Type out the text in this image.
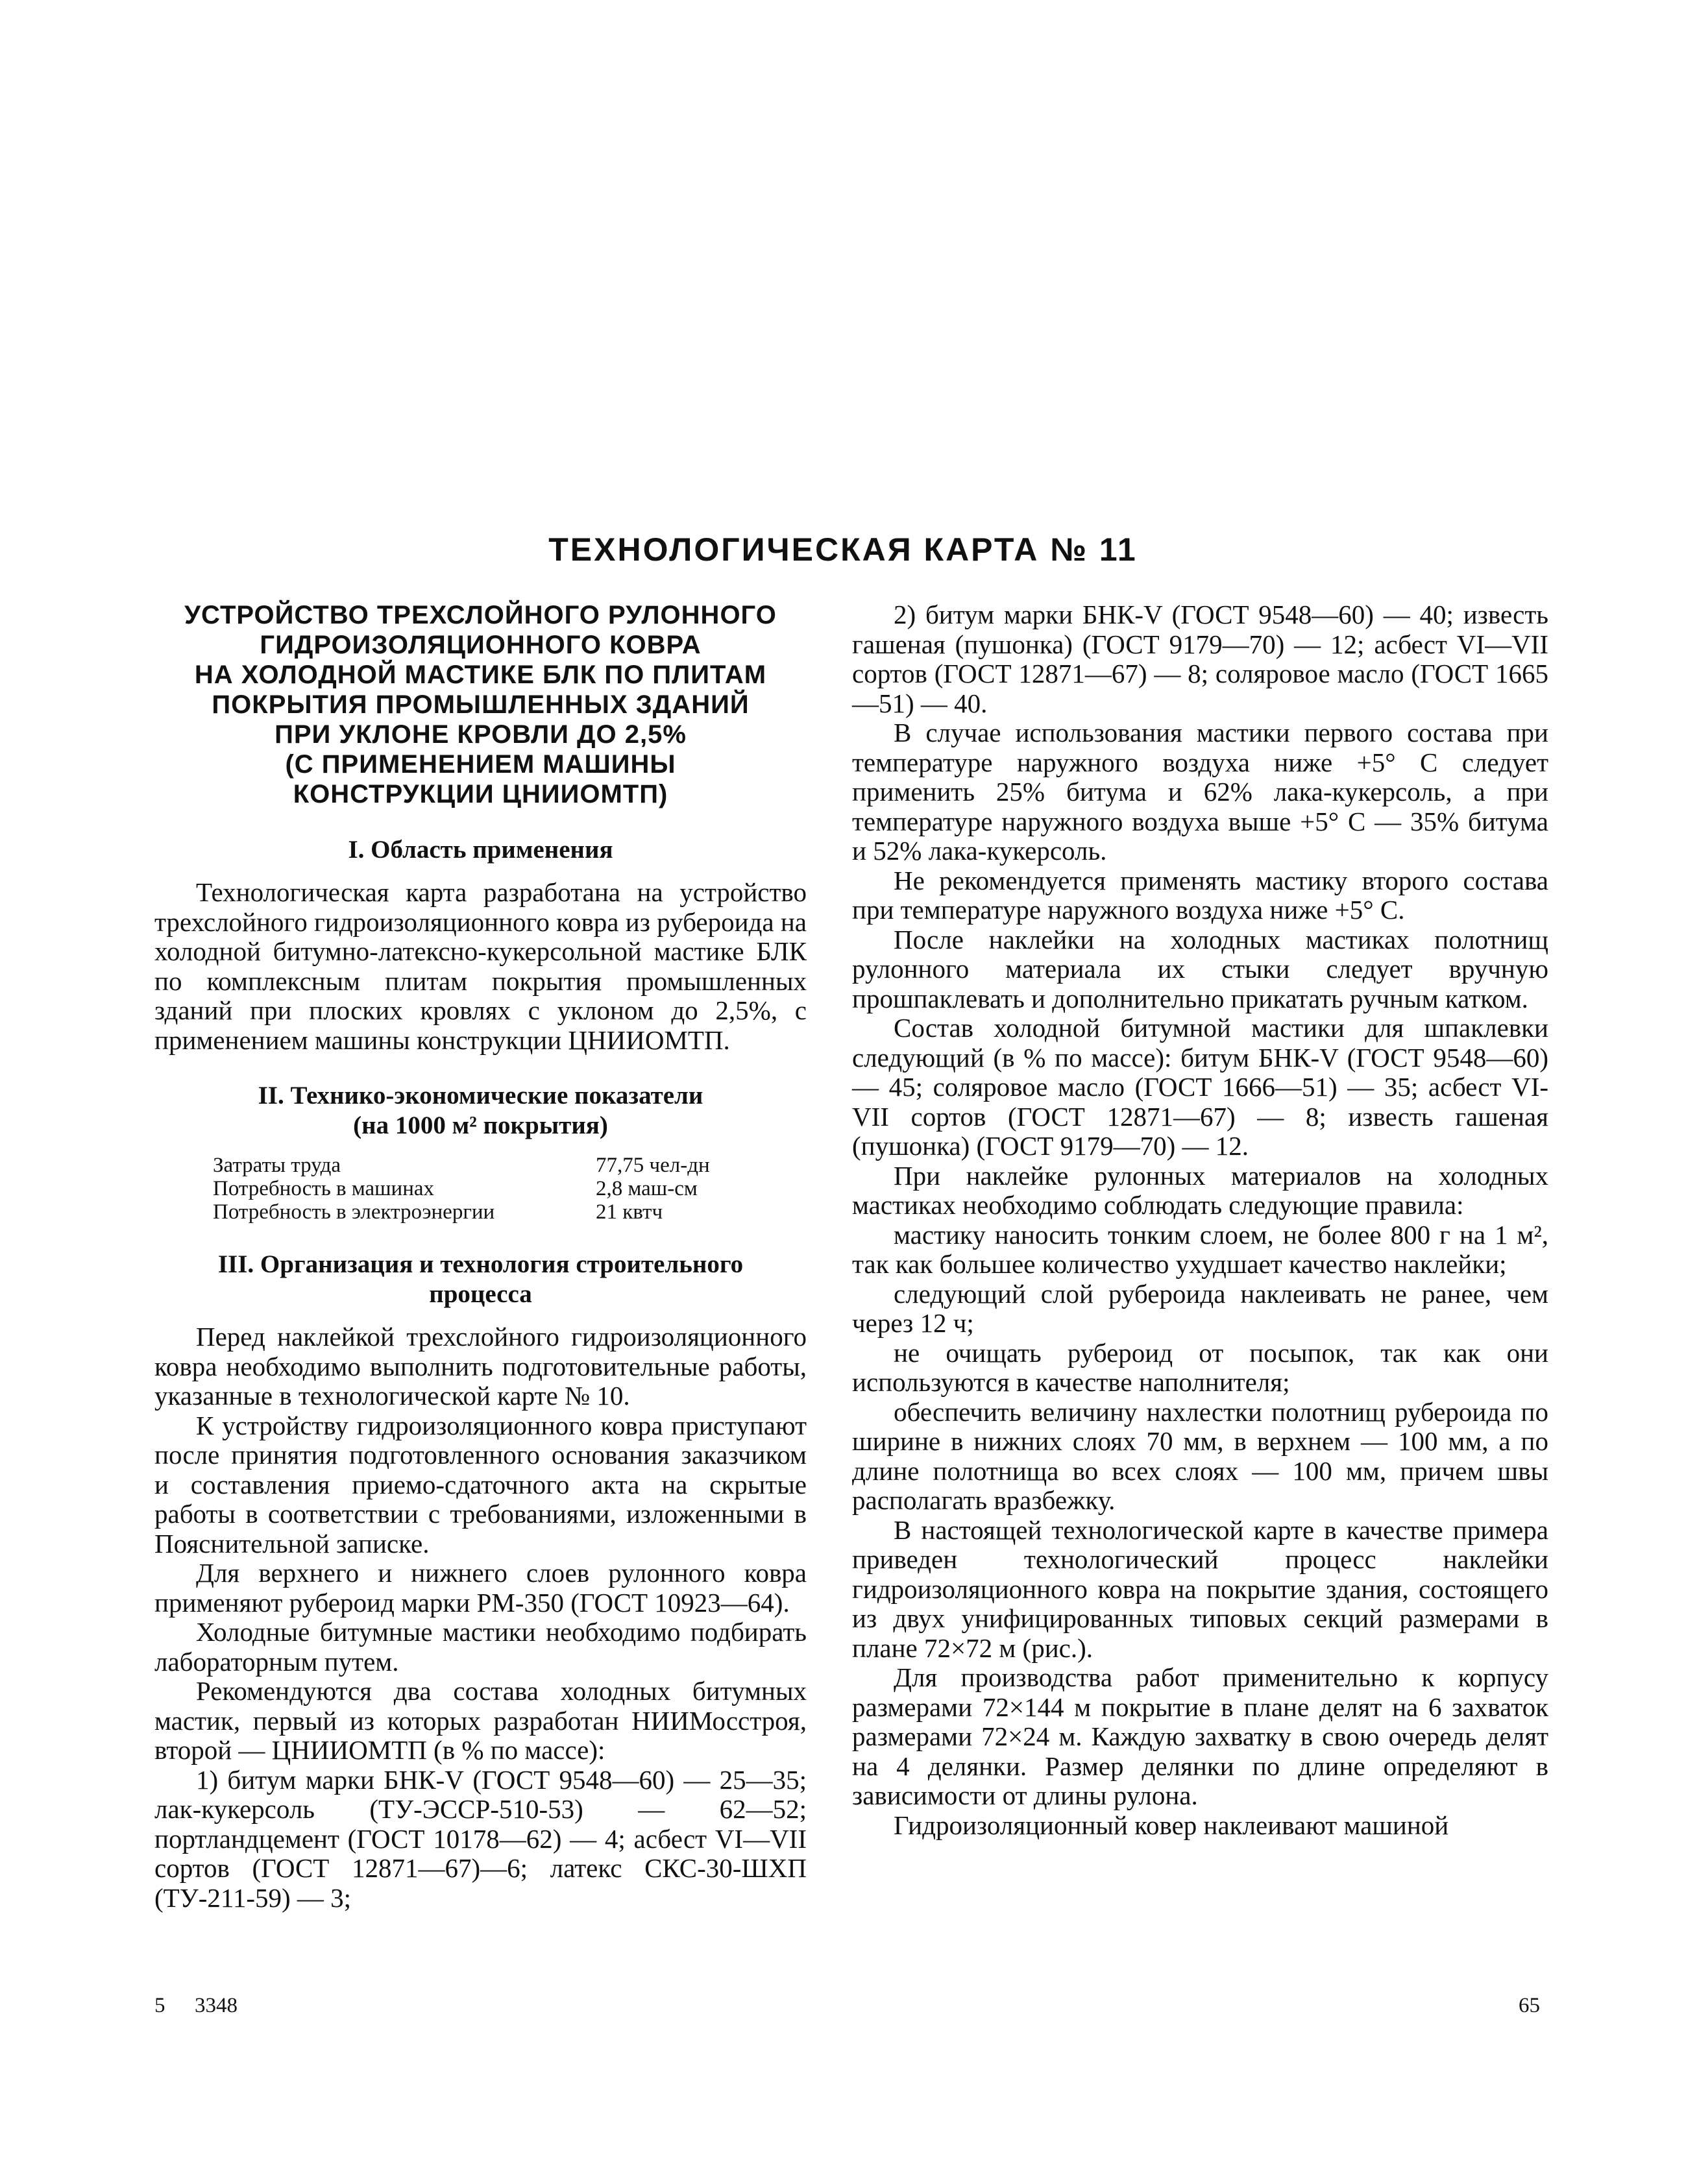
ТЕХНОЛОГИЧЕСКАЯ КАРТА № 11
УСТРОЙСТВО ТРЕХСЛОЙНОГО РУЛОННОГО
ГИДРОИЗОЛЯЦИОННОГО КОВРА
НА ХОЛОДНОЙ МАСТИКЕ БЛК ПО ПЛИТАМ
ПОКРЫТИЯ ПРОМЫШЛЕННЫХ ЗДАНИЙ
ПРИ УКЛОНЕ КРОВЛИ ДО 2,5%
(С ПРИМЕНЕНИЕМ МАШИНЫ
КОНСТРУКЦИИ ЦНИИОМТП)
I. Область применения

Технологическая карта разработана на устройство трехслойного гидроизоляционного ковра из рубероида на холодной битумно-латексно-кукерсольной мастике БЛК по комплексным плитам покрытия промышленных зданий при плоских кровлях с уклоном до 2,5%, с применением машины конструкции ЦНИИОМТП.

II. Технико-экономические показатели
(на 1000 м² покрытия)
Затраты труда	77,75 чел-дн
Потребность в машинах	2,8 маш-см
Потребность в электроэнергии	21 квтч
III. Организация и технология строительного
процесса

Перед наклейкой трехслойного гидроизоляционного ковра необходимо выполнить подготовительные работы, указанные в технологической карте № 10.

К устройству гидроизоляционного ковра приступают после принятия подготовленного основания заказчиком и составления приемо-сдаточного акта на скрытые работы в соответствии с требованиями, изложенными в Пояснительной записке.

Для верхнего и нижнего слоев рулонного ковра применяют рубероид марки РМ-350 (ГОСТ 10923—64).

Холодные битумные мастики необходимо подбирать лабораторным путем.

Рекомендуются два состава холодных битумных мастик, первый из которых разработан НИИМосстроя, второй — ЦНИИОМТП (в % по массе):

1) битум марки БНК-V (ГОСТ 9548—60) — 25—35; лак-кукерсоль (ТУ-ЭССР-510-53) — 62—52; портландцемент (ГОСТ 10178—62) — 4; асбест VI—VII сортов (ГОСТ 12871—67)—6; латекс СКС-30-ШХП (ТУ-211-59) — 3;

2) битум марки БНК-V (ГОСТ 9548—60) — 40; известь гашеная (пушонка) (ГОСТ 9179—70) — 12; асбест VI—VII сортов (ГОСТ 12871—67) — 8; соляровое масло (ГОСТ 1665—51) — 40.

В случае использования мастики первого состава при температуре наружного воздуха ниже +5° С следует применить 25% битума и 62% лака-кукерсоль, а при температуре наружного воздуха выше +5° С — 35% битума и 52% лака-кукерсоль.

Не рекомендуется применять мастику второго состава при температуре наружного воздуха ниже +5° С.

После наклейки на холодных мастиках полотнищ рулонного материала их стыки следует вручную прошпаклевать и дополнительно прикатать ручным катком.

Состав холодной битумной мастики для шпаклевки следующий (в % по массе): битум БНК-V (ГОСТ 9548—60) — 45; соляровое масло (ГОСТ 1666—51) — 35; асбест VI-VII сортов (ГОСТ 12871—67) — 8; известь гашеная (пушонка) (ГОСТ 9179—70) — 12.

При наклейке рулонных материалов на холодных мастиках необходимо соблюдать следующие правила:

мастику наносить тонким слоем, не более 800 г на 1 м², так как большее количество ухудшает качество наклейки;

следующий слой рубероида наклеивать не ранее, чем через 12 ч;

не очищать рубероид от посыпок, так как они используются в качестве наполнителя;

обеспечить величину нахлестки полотнищ рубероида по ширине в нижних слоях 70 мм, в верхнем — 100 мм, а по длине полотнища во всех слоях — 100 мм, причем швы располагать вразбежку.

В настоящей технологической карте в качестве примера приведен технологический процесс наклейки гидроизоляционного ковра на покрытие здания, состоящего из двух унифицированных типовых секций размерами в плане 72×72 м (рис.).

Для производства работ применительно к корпусу размерами 72×144 м покрытие в плане делят на 6 захваток размерами 72×24 м. Каждую захватку в свою очередь делят на 4 делянки. Размер делянки по длине определяют в зависимости от длины рулона.

Гидроизоляционный ковер наклеивают машиной

5 3348	65
